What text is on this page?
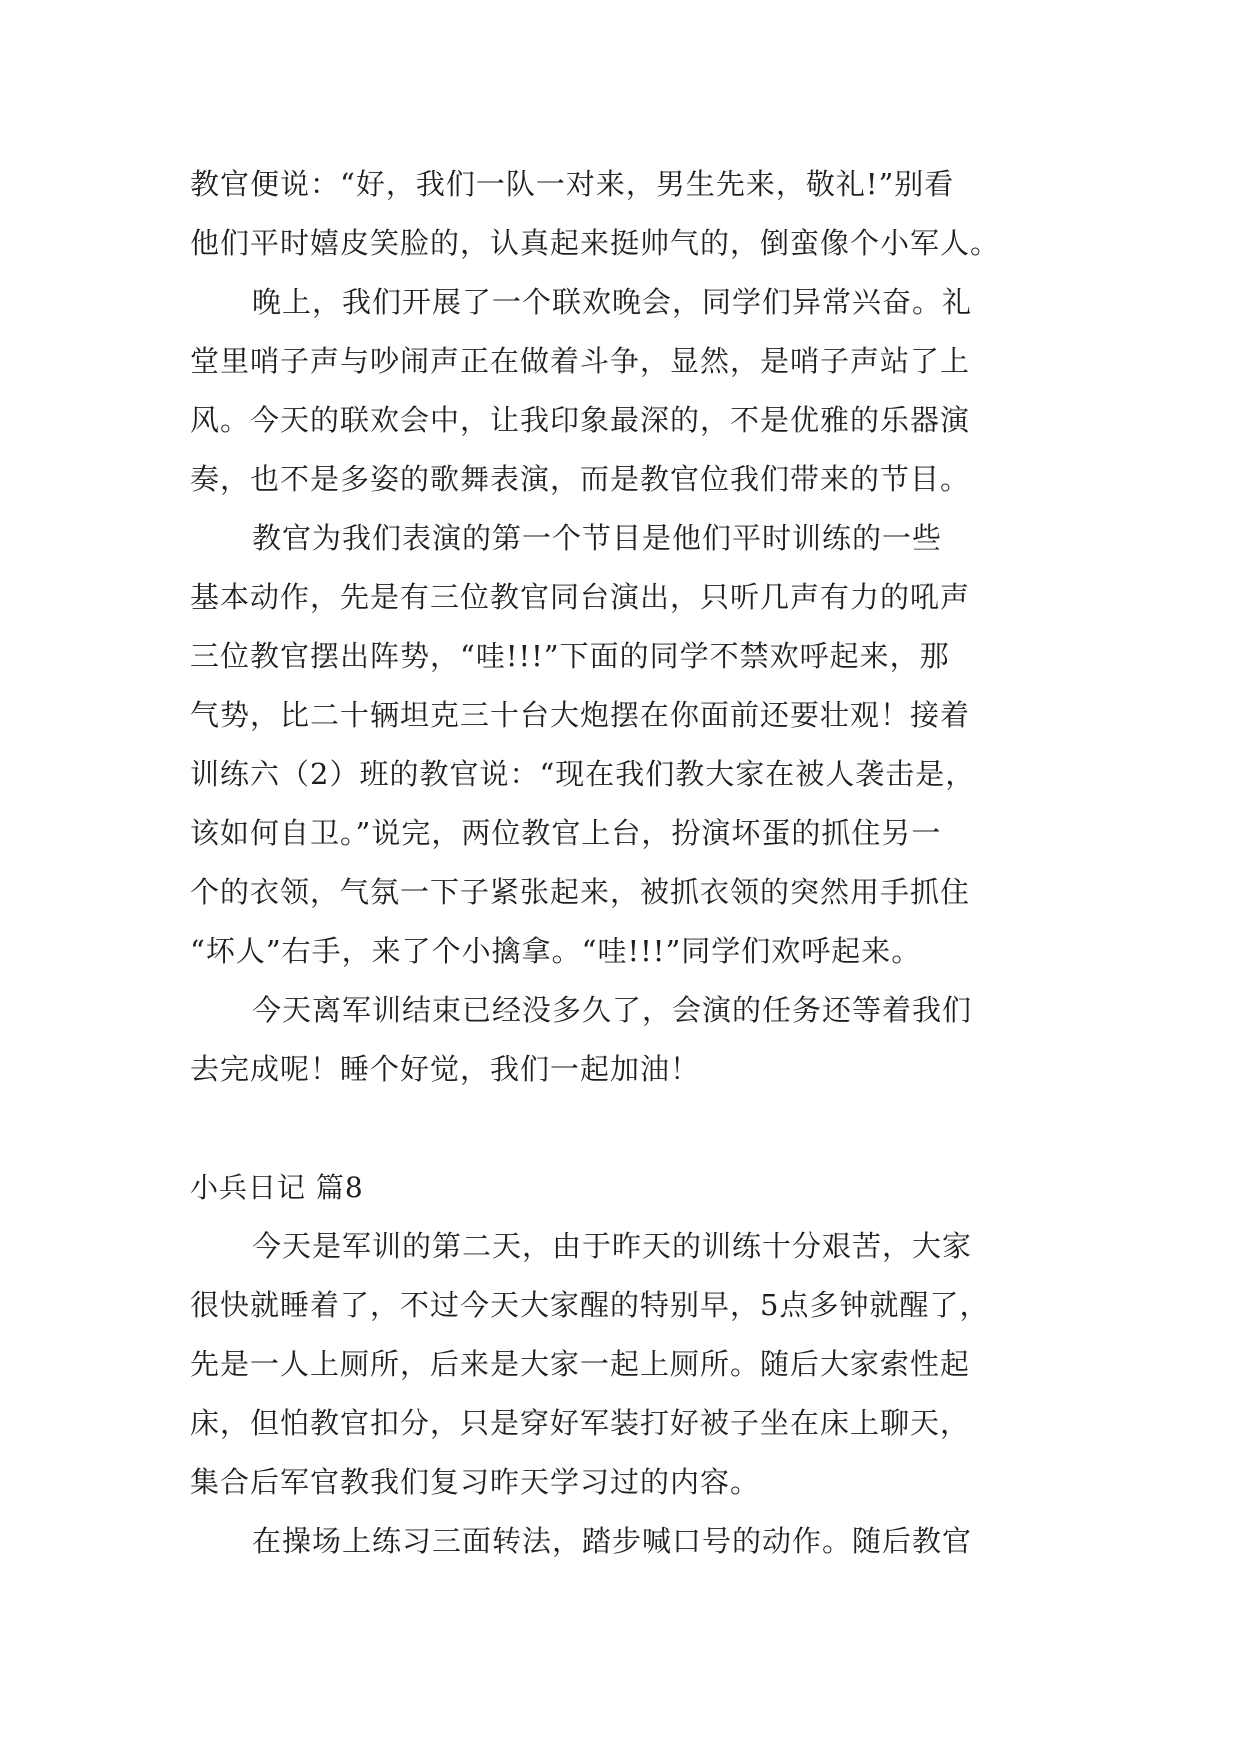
教官便说：“好，我们一队一对来，男生先来，敬礼!”别看
他们平时嬉皮笑脸的，认真起来挺帅气的，倒蛮像个小军人。
晚上，我们开展了一个联欢晚会，同学们异常兴奋。礼
堂里哨子声与吵闹声正在做着斗争，显然，是哨子声站了上
风。今天的联欢会中，让我印象最深的，不是优雅的乐器演
奏，也不是多姿的歌舞表演，而是教官位我们带来的节目。
教官为我们表演的第一个节目是他们平时训练的一些
基本动作，先是有三位教官同台演出，只听几声有力的吼声
三位教官摆出阵势，“哇!!!”下面的同学不禁欢呼起来，那
气势，比二十辆坦克三十台大炮摆在你面前还要壮观！接着
训练六（2）班的教官说：“现在我们教大家在被人袭击是，
该如何自卫。”说完，两位教官上台，扮演坏蛋的抓住另一
个的衣领，气氛一下子紧张起来，被抓衣领的突然用手抓住
“坏人”右手，来了个小擒拿。“哇!!!”同学们欢呼起来。
今天离军训结束已经没多久了，会演的任务还等着我们
去完成呢！睡个好觉，我们一起加油！
小兵日记 篇8
今天是军训的第二天，由于昨天的训练十分艰苦，大家
很快就睡着了，不过今天大家醒的特别早，5点多钟就醒了，
先是一人上厕所，后来是大家一起上厕所。随后大家索性起
床，但怕教官扣分，只是穿好军装打好被子坐在床上聊天，
集合后军官教我们复习昨天学习过的内容。
在操场上练习三面转法，踏步喊口号的动作。随后教官
